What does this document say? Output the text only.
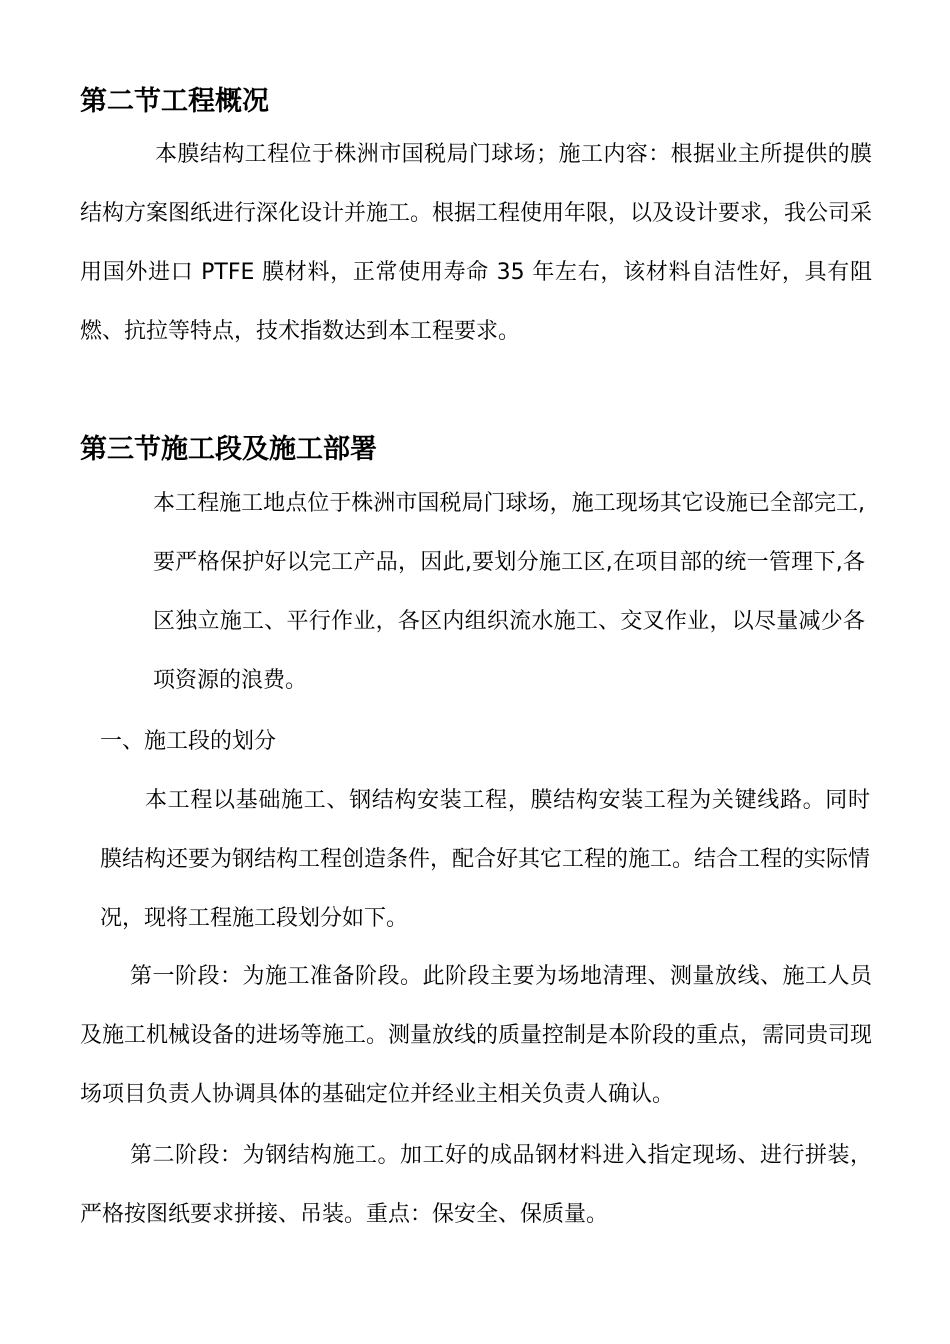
第二节工程概况

本膜结构工程位于株洲市国税局门球场；施工内容：根据业主所提供的膜结构方案图纸进行深化设计并施工。根据工程使用年限，以及设计要求，我公司采用国外进口 PTFE 膜材料，正常使用寿命 35 年左右，该材料自洁性好，具有阻燃、抗拉等特点，技术指数达到本工程要求。

第三节施工段及施工部署

本工程施工地点位于株洲市国税局门球场，施工现场其它设施已全部完工,要严格保护好以完工产品，因此,要划分施工区,在项目部的统一管理下,各区独立施工、平行作业，各区内组织流水施工、交叉作业，以尽量减少各项资源的浪费。

一、施工段的划分

本工程以基础施工、钢结构安装工程，膜结构安装工程为关键线路。同时膜结构还要为钢结构工程创造条件，配合好其它工程的施工。结合工程的实际情况，现将工程施工段划分如下。

第一阶段：为施工准备阶段。此阶段主要为场地清理、测量放线、施工人员及施工机械设备的进场等施工。测量放线的质量控制是本阶段的重点，需同贵司现场项目负责人协调具体的基础定位并经业主相关负责人确认。

第二阶段：为钢结构施工。加工好的成品钢材料进入指定现场、进行拼装，严格按图纸要求拼接、吊装。重点：保安全、保质量。
